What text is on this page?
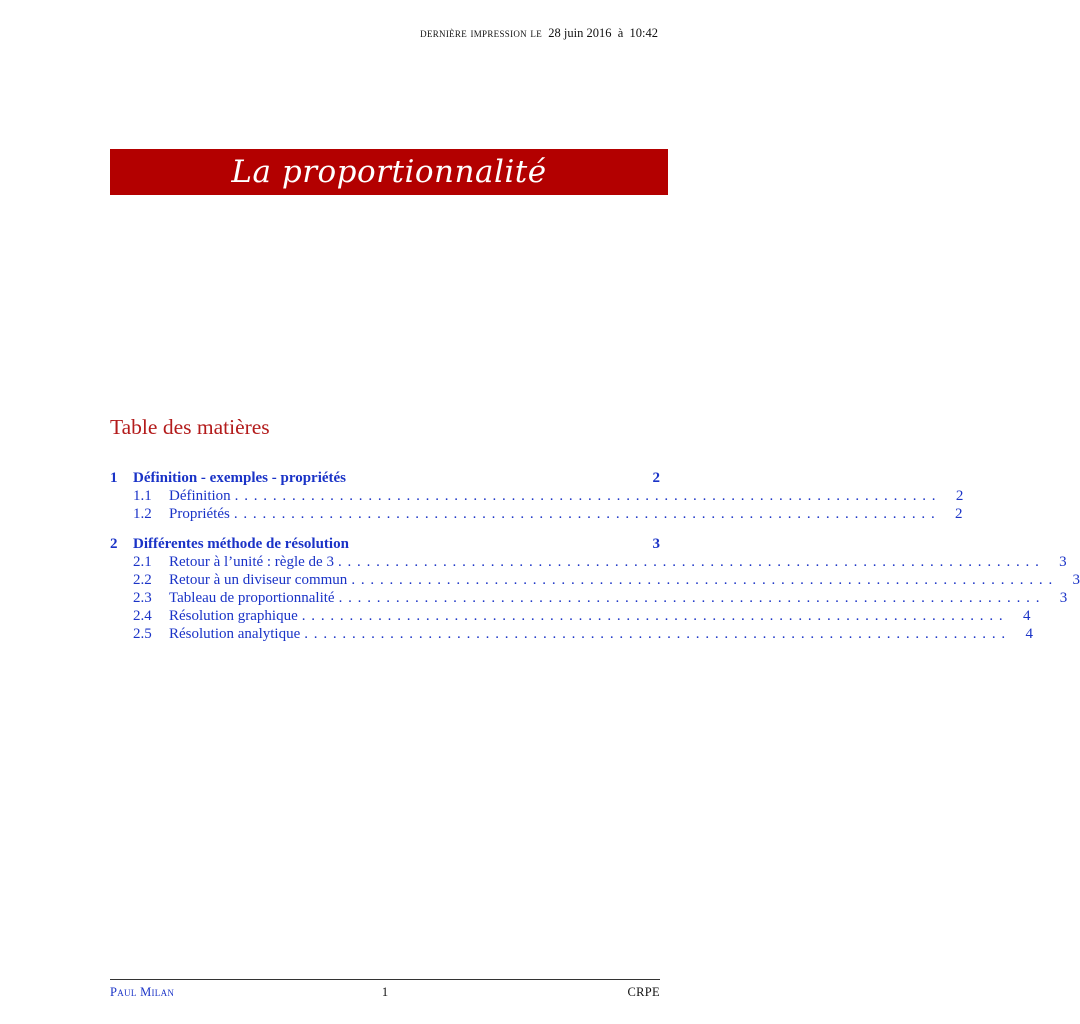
dernière impression le 28 juin 2016 à 10:42
La proportionnalité
Table des matières
1	Définition - exemples - propriétés	2
1.1	Définition .......................................................................... 2
1.2	Propriétés .......................................................................... 2
2	Différentes méthode de résolution	3
2.1	Retour à l’unité : règle de 3 .......................................................................... 3
2.2	Retour à un diviseur commun .......................................................................... 3
2.3	Tableau de proportionnalité .......................................................................... 3
2.4	Résolution graphique .......................................................................... 4
2.5	Résolution analytique .......................................................................... 4
Paul Milan	1	CRPE
